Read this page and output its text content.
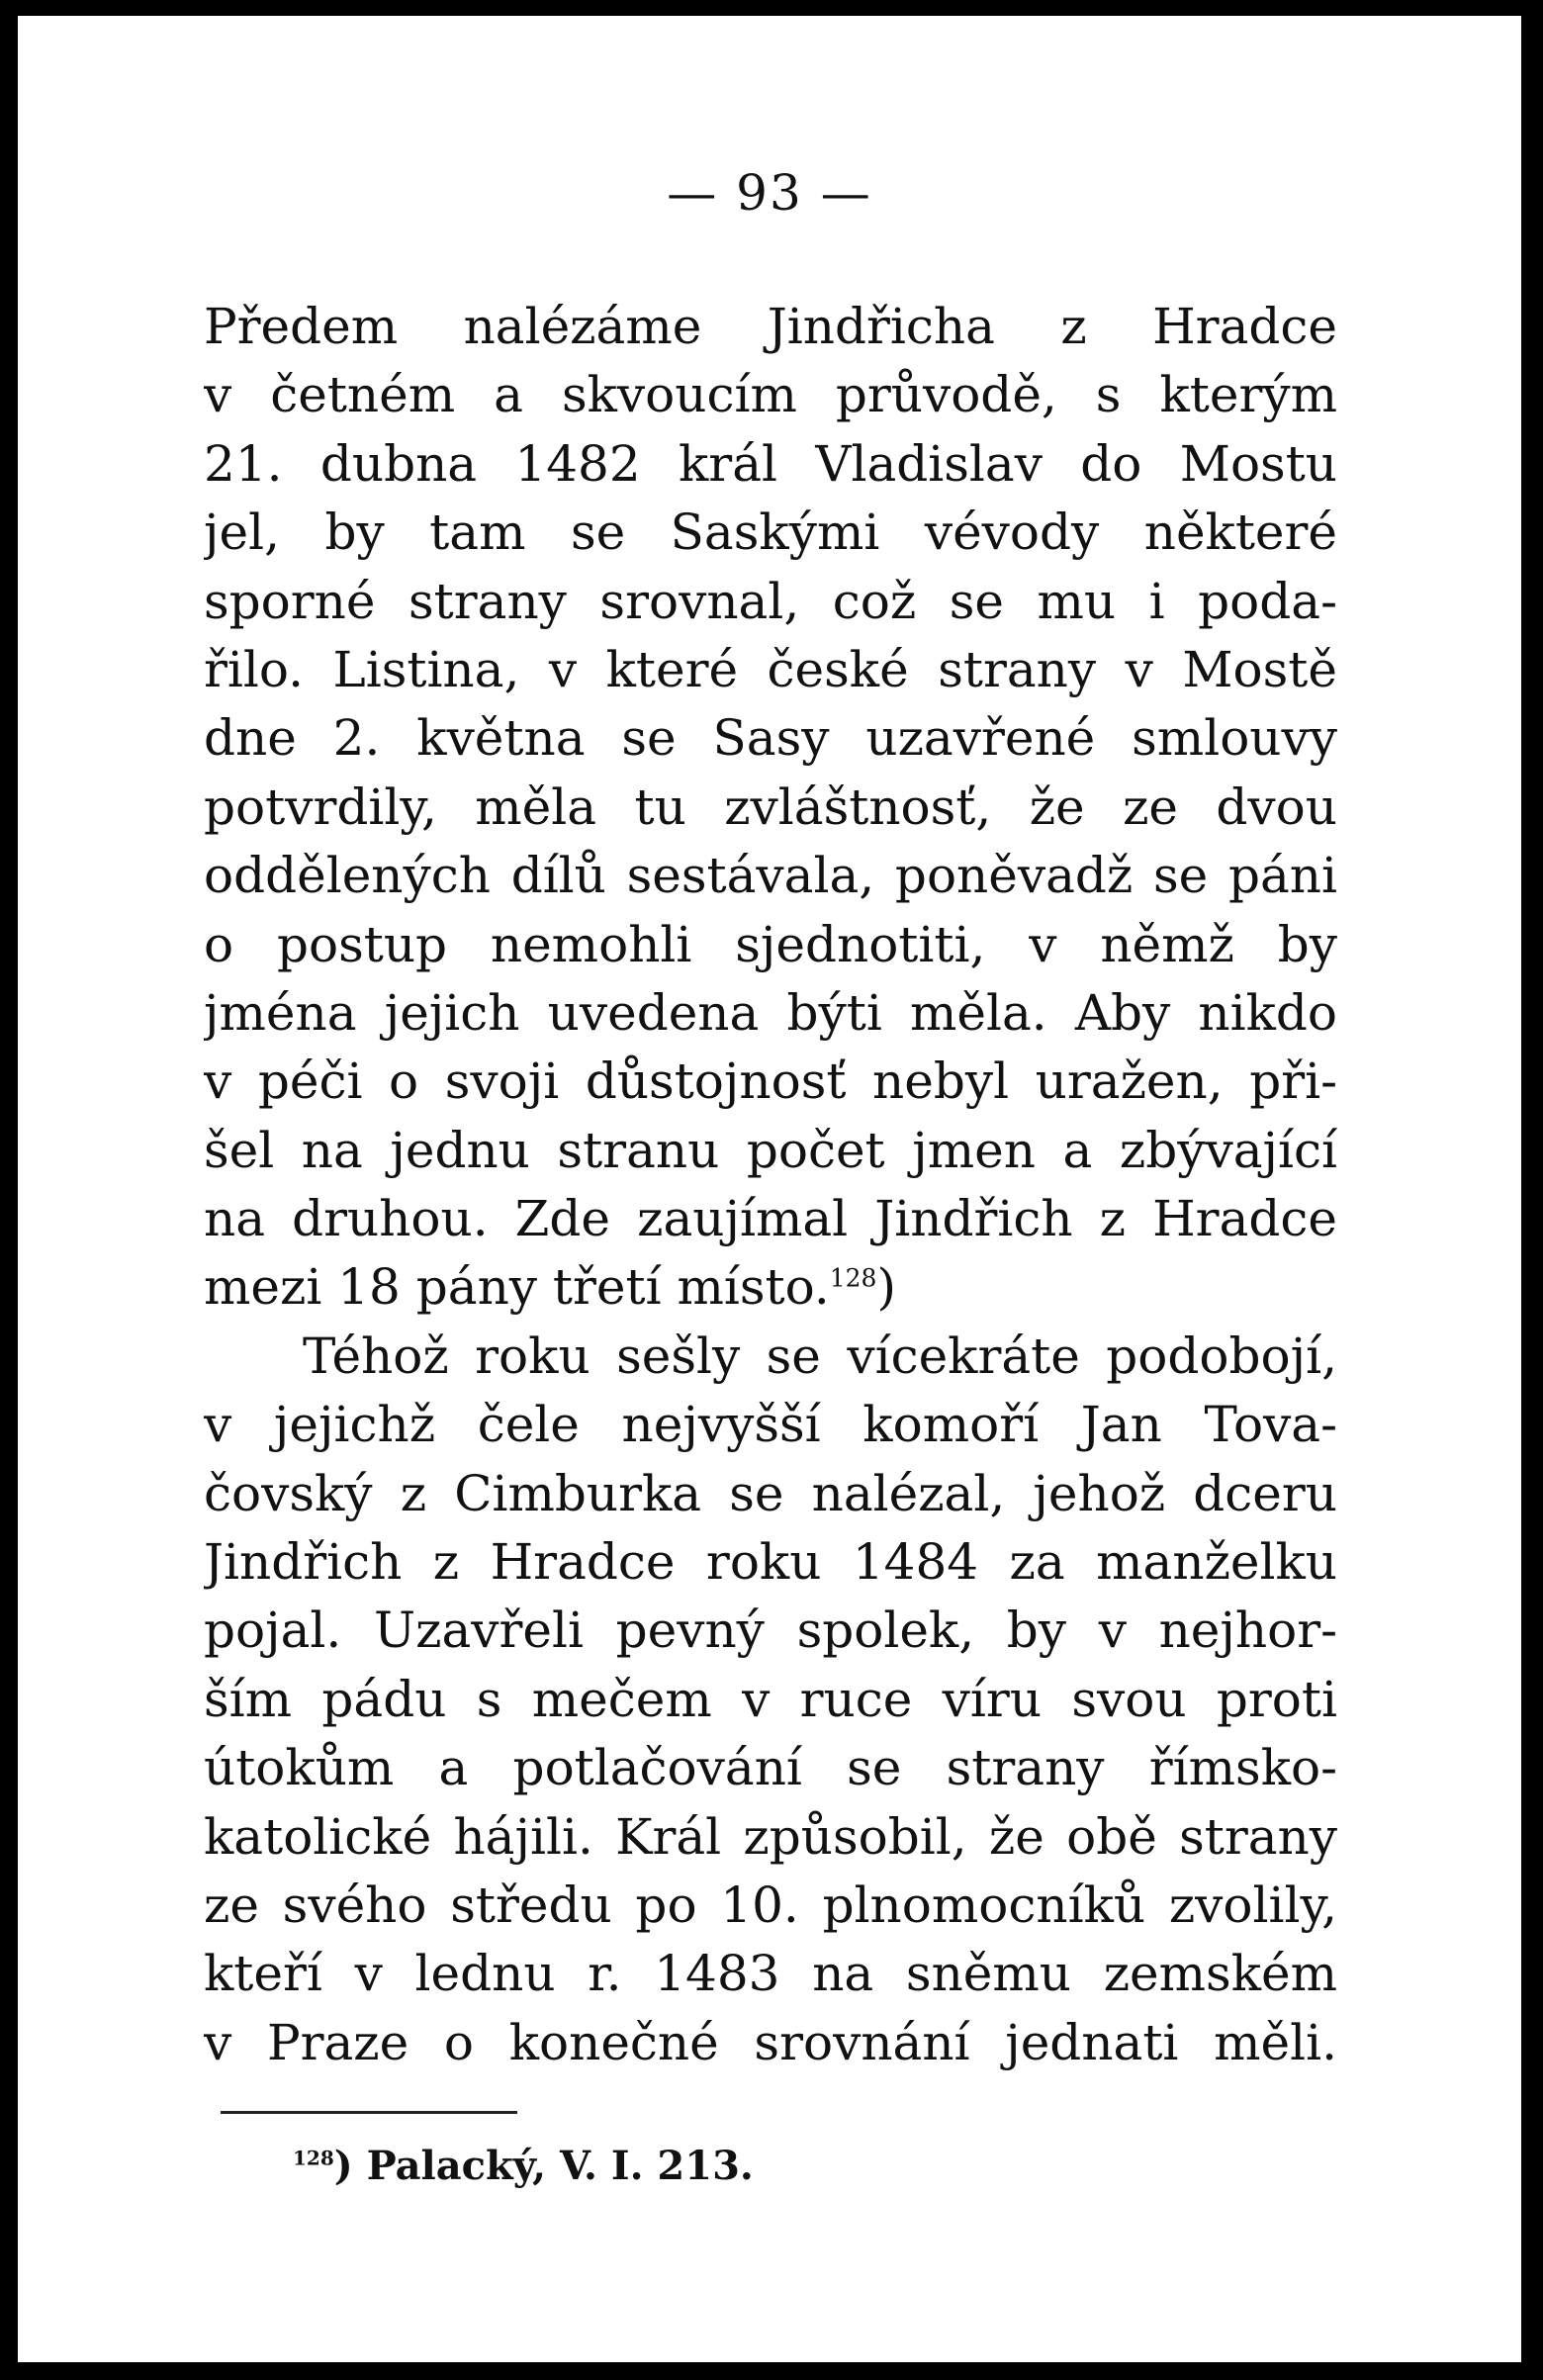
— 93 —
Předem nalézáme Jindřicha z Hradce
v četném a skvoucím průvodě, s kterým
21. dubna 1482 král Vladislav do Mostu
jel, by tam se Saskými vévody některé
sporné strany srovnal, což se mu i poda-
řilo. Listina, v které české strany v Mostě
dne 2. května se Sasy uzavřené smlouvy
potvrdily, měla tu zvláštnosť, že ze dvou
oddělených dílů sestávala, poněvadž se páni
o postup nemohli sjednotiti, v němž by
jména jejich uvedena býti měla. Aby nikdo
v péči o svoji důstojnosť nebyl uražen, při-
šel na jednu stranu počet jmen a zbývající
na druhou. Zde zaujímal Jindřich z Hradce
mezi 18 pány třetí místo.$^{128}$)
Téhož roku sešly se vícekráte podobojí,
v jejichž čele nejvyšší komoří Jan Tova-
čovský z Cimburka se nalézal, jehož dceru
Jindřich z Hradce roku 1484 za manželku
pojal. Uzavřeli pevný spolek, by v nejhor-
ším pádu s mečem v ruce víru svou proti
útokům a potlačování se strany římsko-
katolické hájili. Král způsobil, že obě strany
ze svého středu po 10. plnomocníků zvolily,
kteří v lednu r. 1483 na sněmu zemském
v Praze o konečné srovnání jednati měli.
$^{128}$) Palacký, V. I. 213.
